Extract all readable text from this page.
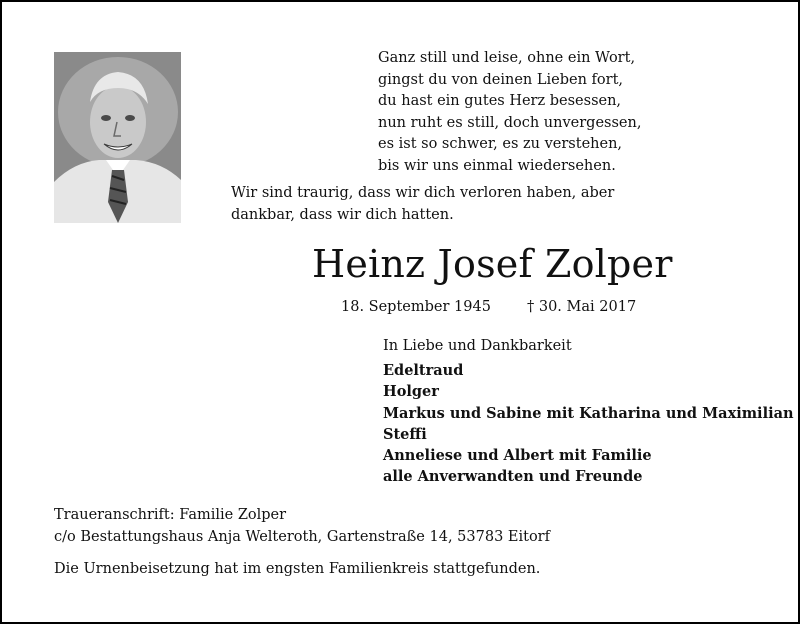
Ganz still und leise, ohne ein Wort,
gingst du von deinen Lieben fort,
du hast ein gutes Herz besessen,
nun ruht es still, doch unvergessen,
es ist so schwer, es zu verstehen,
bis wir uns einmal wiedersehen.

Wir sind traurig, dass wir dich verloren haben, aber dankbar, dass wir dich hatten.

Heinz Josef Zolper
18. September 1945 † 30. Mai 2017
In Liebe und Dankbarkeit
Edeltraud
Holger
Markus und Sabine mit Katharina und Maximilian
Steffi
Anneliese und Albert mit Familie
alle Anverwandten und Freunde
Traueranschrift: Familie Zolper
c/o Bestattungshaus Anja Welteroth, Gartenstraße 14, 53783 Eitorf
Die Urnenbeisetzung hat im engsten Familienkreis stattgefunden.
